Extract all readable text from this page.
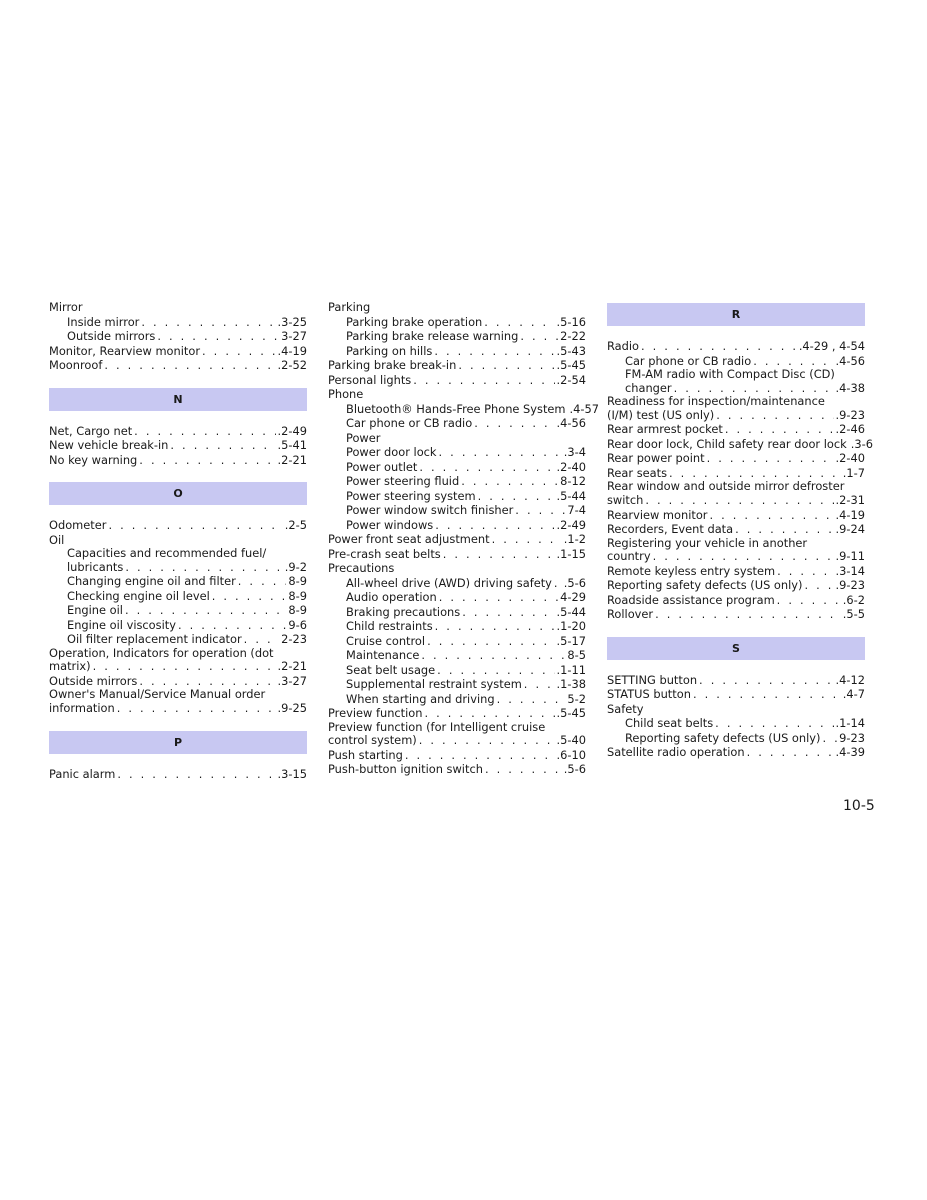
Mirror
Inside mirror . . .	.3-25
Outside mirrors . . .	3-27
Monitor, Rearview monitor . . .	.4-19
Moonroof . . .	.2-52
N
Net, Cargo net . . .	.2-49
New vehicle break-in . . .	.5-41
No key warning . . .	.2-21
O
Odometer . . .	.2-5
Oil
Capacities and recommended fuel/
lubricants . . .	.9-2
Changing engine oil and filter . . .	8-9
Checking engine oil level . . .	8-9
Engine oil . . .	8-9
Engine oil viscosity . . .	9-6
Oil filter replacement indicator . . .	2-23
Operation, Indicators for operation (dot
matrix) . . .	.2-21
Outside mirrors . . .	.3-27
Owner's Manual/Service Manual order
information . . .	.9-25
P
Panic alarm . . .	.3-15
Parking
Parking brake operation . . .	.5-16
Parking brake release warning . . .	2-22
Parking on hills . . .	.5-43
Parking brake break-in . . .	.5-45
Personal lights . . .	.2-54
Phone
Bluetooth® Hands-Free Phone System .4-57
Car phone or CB radio . . .	.4-56
Power
Power door lock . . .	.3-4
Power outlet . . .	.2-40
Power steering fluid . . .	8-12
Power steering system . . .	.5-44
Power window switch finisher . . .	7-4
Power windows . . .	.2-49
Power front seat adjustment . . .	.1-2
Pre-crash seat belts . . .	.1-15
Precautions
All-wheel drive (AWD) driving safety . . . .5-6
Audio operation . . .	4-29
Braking precautions . . .	.5-44
Child restraints . . .	.1-20
Cruise control . . .	.5-17
Maintenance . . .	8-5
Seat belt usage . . .	.1-11
Supplemental restraint system . . .	.1-38
When starting and driving . . .	5-2
Preview function . . .	.5-45
Preview function (for Intelligent cruise
control system) . . .	.5-40
Push starting . . .	.6-10
Push-button ignition switch . . .	.5-6
R
Radio . . .	.4-29 , 4-54
Car phone or CB radio . . .	.4-56
FM-AM radio with Compact Disc (CD)
changer . . .	.4-38
Readiness for inspection/maintenance
(I/M) test (US only) . . .	.9-23
Rear armrest pocket . . .	.2-46
Rear door lock, Child safety rear door lock .3-6
Rear power point . . .	.2-40
Rear seats . . .	.1-7
Rear window and outside mirror defroster
switch . . .	.2-31
Rearview monitor . . .	.4-19
Recorders, Event data . . .	.9-24
Registering your vehicle in another
country . . .	.9-11
Remote keyless entry system . . .	.3-14
Reporting safety defects (US only) . . .	.9-23
Roadside assistance program . . .	.6-2
Rollover . . .	.5-5
S
SETTING button . . .	.4-12
STATUS button . . .	.4-7
Safety
Child seat belts . . .	.1-14
Reporting safety defects (US only) . . . 9-23
Satellite radio operation . . .	.4-39
10-5
